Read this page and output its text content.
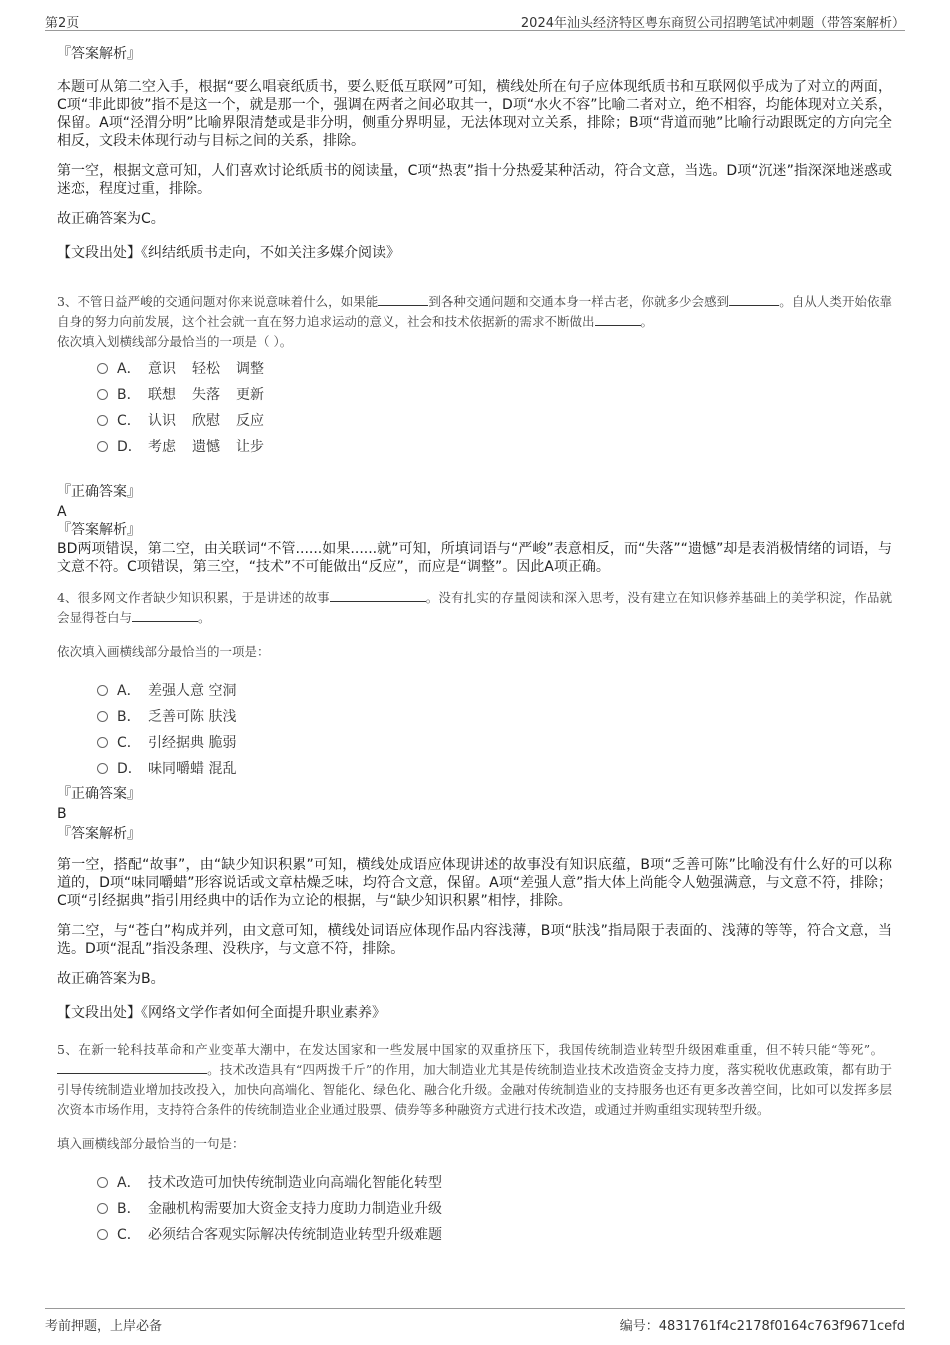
第2页	2024年汕头经济特区粤东商贸公司招聘笔试冲刺题（带答案解析）

『答案解析』

本题可从第二空入手，根据“要么唱衰纸质书，要么贬低互联网”可知，横线处所在句子应体现纸质书和互联网似乎成为了对立的两面，C项“非此即彼”指不是这一个，就是那一个，强调在两者之间必取其一，D项“水火不容”比喻二者对立，绝不相容，均能体现对立关系，保留。A项“泾渭分明”比喻界限清楚或是非分明，侧重分界明显，无法体现对立关系，排除；B项“背道而驰”比喻行动跟既定的方向完全相反，文段未体现行动与目标之间的关系，排除。

第一空，根据文意可知，人们喜欢讨论纸质书的阅读量，C项“热衷”指十分热爱某种活动，符合文意，当选。D项“沉迷”指深深地迷惑或迷恋，程度过重，排除。

故正确答案为C。

【文段出处】《纠结纸质书走向，不如关注多媒介阅读》

3、不管日益严峻的交通问题对你来说意味着什么，如果能	到各种交通问题和交通本身一样古老，你就多少会感到	。自从人类开始依靠自身的努力向前发展，这个社会就一直在努力追求运动的意义，社会和技术依据新的需求不断做出	。

依次填入划横线部分最恰当的一项是（ ）。

A． 意识 轻松 调整
B． 联想 失落 更新
C． 认识 欣慰 反应
D． 考虑 遗憾 让步

『正确答案』

A

『答案解析』

BD两项错误，第二空，由关联词“不管......如果......就”可知，所填词语与“严峻”表意相反，而“失落”“遗憾”却是表消极情绪的词语，与文意不符。C项错误，第三空，“技术”不可能做出“反应”，而应是“调整”。因此A项正确。

4、很多网文作者缺少知识积累，于是讲述的故事	。没有扎实的存量阅读和深入思考，没有建立在知识修养基础上的美学积淀，作品就会显得苍白与	。

依次填入画横线部分最恰当的一项是：

A． 差强人意 空洞
B． 乏善可陈 肤浅
C． 引经据典 脆弱
D． 味同嚼蜡 混乱

『正确答案』

B

『答案解析』

第一空，搭配“故事”，由“缺少知识积累”可知，横线处成语应体现讲述的故事没有知识底蕴，B项“乏善可陈”比喻没有什么好的可以称道的，D项“味同嚼蜡”形容说话或文章枯燥乏味，均符合文意，保留。A项“差强人意”指大体上尚能令人勉强满意，与文意不符，排除；C项“引经据典”指引用经典中的话作为立论的根据，与“缺少知识积累”相悖，排除。

第二空，与“苍白”构成并列，由文意可知，横线处词语应体现作品内容浅薄，B项“肤浅”指局限于表面的、浅薄的等等，符合文意，当选。D项“混乱”指没条理、没秩序，与文意不符，排除。

故正确答案为B。

【文段出处】《网络文学作者如何全面提升职业素养》

5、在新一轮科技革命和产业变革大潮中，在发达国家和一些发展中国家的双重挤压下，我国传统制造业转型升级困难重重，但不转只能“等死”。  。技术改造具有“四两拨千斤”的作用，加大制造业尤其是传统制造业技术改造资金支持力度，落实税收优惠政策，都有助于引导传统制造业增加技改投入，加快向高端化、智能化、绿色化、融合化升级。金融对传统制造业的支持服务也还有更多改善空间，比如可以发挥多层次资本市场作用，支持符合条件的传统制造业企业通过股票、债券等多种融资方式进行技术改造，或通过并购重组实现转型升级。

填入画横线部分最恰当的一句是：

A． 技术改造可加快传统制造业向高端化智能化转型
B． 金融机构需要加大资金支持力度助力制造业升级
C． 必须结合客观实际解决传统制造业转型升级难题
考前押题，上岸必备	编号：4831761f4c2178f0164c763f9671cefd
